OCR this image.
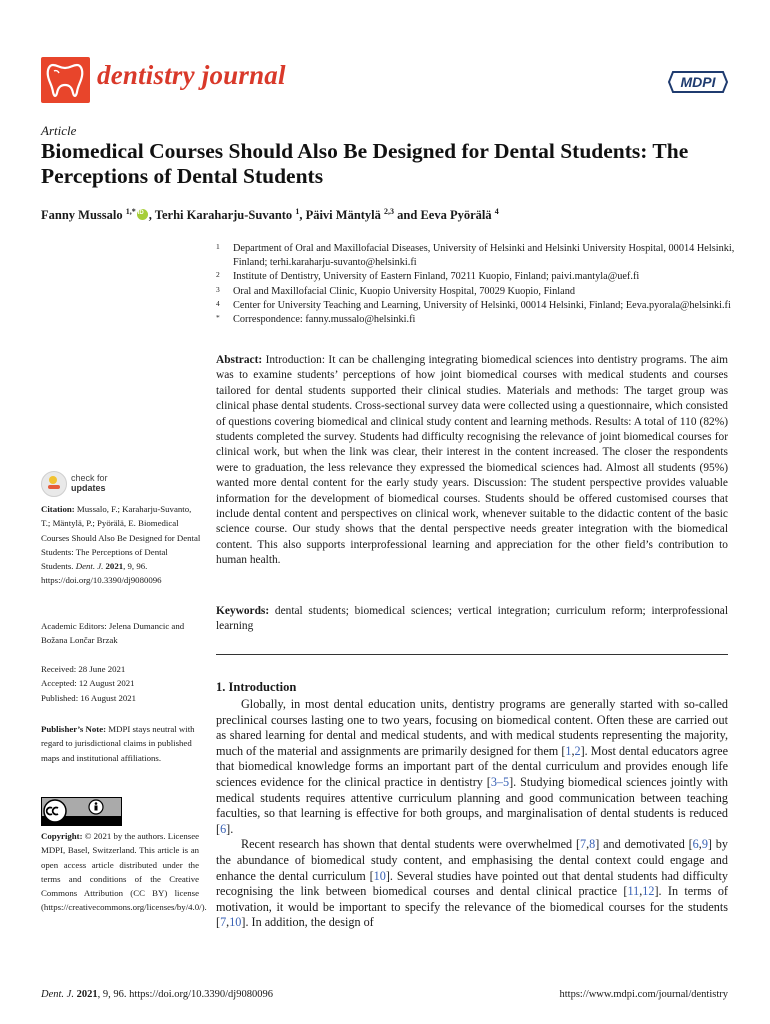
dentistry journal	MDPI
Article
Biomedical Courses Should Also Be Designed for Dental Students: The Perceptions of Dental Students
Fanny Mussalo $^{1,*}$iD , Terhi Karaharju-Suvanto $^1$, Päivi Mäntylä $^{2,3}$ and Eeva Pyörälä $^4$
1 Department of Oral and Maxillofacial Diseases, University of Helsinki and Helsinki University Hospital, 00014 Helsinki, Finland; terhi.karaharju-suvanto@helsinki.fi
2 Institute of Dentistry, University of Eastern Finland, 70211 Kuopio, Finland; paivi.mantyla@uef.fi
3 Oral and Maxillofacial Clinic, Kuopio University Hospital, 70029 Kuopio, Finland
4 Center for University Teaching and Learning, University of Helsinki, 00014 Helsinki, Finland; Eeva.pyorala@helsinki.fi
* Correspondence: fanny.mussalo@helsinki.fi
Abstract: Introduction: It can be challenging integrating biomedical sciences into dentistry programs. The aim was to examine students’ perceptions of how joint biomedical courses with medical students and courses tailored for dental students supported their clinical studies. Materials and methods: The target group was clinical phase dental students. Cross-sectional survey data were collected using a questionnaire, which consisted of questions covering biomedical and clinical study content and learning methods. Results: A total of 110 (82%) students completed the survey. Students had difficulty recognising the relevance of joint biomedical courses for clinical work, but when the link was clear, their interest in the content increased. The closer the respondents were to graduation, the less relevance they expressed the biomedical sciences had. Almost all students (95%) wanted more dental content for the early study years. Discussion: The student perspective provides valuable information for the development of biomedical courses. Students should be offered customised courses that include dental content and perspectives on clinical work, whenever suitable to the didactic content of the basic science course. Our study shows that the dental perspective needs greater integration with the biomedical content. This also supports interprofessional learning and appreciation for the other field’s contribution to human health.
Keywords: dental students; biomedical sciences; vertical integration; curriculum reform; interprofessional learning
1. Introduction

Globally, in most dental education units, dentistry programs are generally started with so-called preclinical courses lasting one to two years, focusing on biomedical content. Often these are carried out as shared learning for dental and medical students, and with medical students representing the majority, much of the material and assignments are primarily designed for them [1,2]. Most dental educators agree that biomedical knowledge forms an important part of the dental curriculum and provides enough life sciences evidence for the clinical practice in dentistry [3–5]. Studying biomedical sciences jointly with medical students requires attentive curriculum planning and good communication between teaching faculties, so that learning is effective for both groups, and marginalisation of dental students is reduced [6].

Recent research has shown that dental students were overwhelmed [7,8] and demotivated [6,9] by the abundance of biomedical study content, and emphasising the dental context could engage and enhance the dental curriculum [10]. Several studies have pointed out that dental students had difficulty recognising the link between biomedical courses and dental clinical practice [11,12]. In terms of motivation, it would be important to specify the relevance of the biomedical courses for the students [7,10]. In addition, the design of

check for
updates
Citation: Mussalo, F.; Karaharju-Suvanto, T.; Mäntylä, P.; Pyörälä, E. Biomedical Courses Should Also Be Designed for Dental Students: The Perceptions of Dental Students. Dent. J. 2021, 9, 96. https://doi.org/10.3390/dj9080096
Academic Editors: Jelena Dumancic and Božana Lončar Brzak
Received: 28 June 2021
Accepted: 12 August 2021
Published: 16 August 2021
Publisher’s Note: MDPI stays neutral with regard to jurisdictional claims in published maps and institutional affiliations.
Copyright: © 2021 by the authors. Licensee MDPI, Basel, Switzerland. This article is an open access article distributed under the terms and conditions of the Creative Commons Attribution (CC BY) license (https://creativecommons.org/licenses/by/4.0/).
Dent. J. 2021, 9, 96. https://doi.org/10.3390/dj9080096	https://www.mdpi.com/journal/dentistry
